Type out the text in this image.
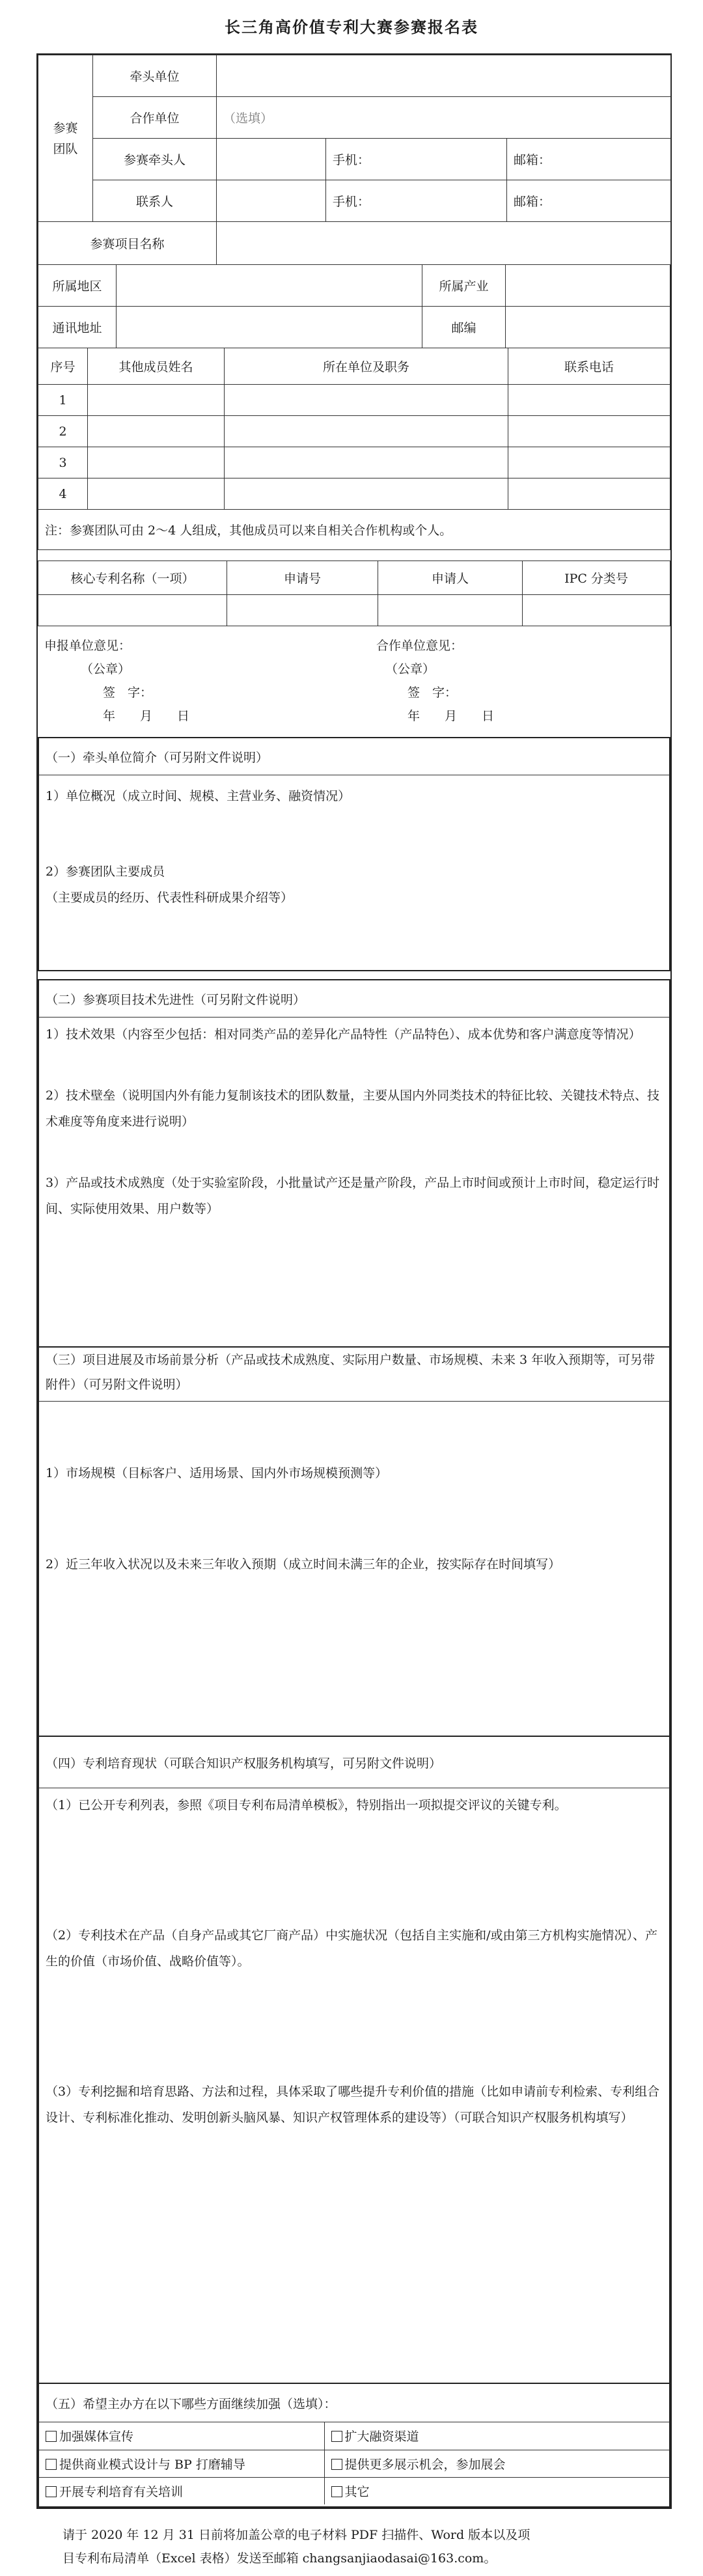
长三角高价值专利大赛参赛报名表
参赛团队	牵头单位			
	合作单位	（选填）		
	参赛牵头人		手机：	邮箱：
	联系人		手机：	邮箱：
参赛项目名称				
所属地区		所属产业	
通讯地址		邮编	
序号	其他成员姓名	所在单位及职务	联系电话
1			
2			
3			
4			
注：参赛团队可由 2～4 人组成，其他成员可以来自相关合作机构或个人。			
核心专利名称（一项）	申请号	申请人	IPC 分类号

申报单位意见：
（公章）
签　字：
年　　月　　日
合作单位意见：
（公章）
签　字：
年　　月　　日
（一）牵头单位简介（可另附文件说明）
1）单位概况（成立时间、规模、主营业务、融资情况）
2）参赛团队主要成员
（主要成员的经历、代表性科研成果介绍等）
（二）参赛项目技术先进性（可另附文件说明）
1）技术效果（内容至少包括：相对同类产品的差异化产品特性（产品特色）、成本优势和客户满意度等情况）
2）技术壁垒（说明国内外有能力复制该技术的团队数量，主要从国内外同类技术的特征比较、关键技术特点、技术难度等角度来进行说明）
3）产品或技术成熟度（处于实验室阶段，小批量试产还是量产阶段，产品上市时间或预计上市时间，稳定运行时间、实际使用效果、用户数等）
（三）项目进展及市场前景分析（产品或技术成熟度、实际用户数量、市场规模、未来 3 年收入预期等，可另带附件）（可另附文件说明）
1）市场规模（目标客户、适用场景、国内外市场规模预测等）
2）近三年收入状况以及未来三年收入预期（成立时间未满三年的企业，按实际存在时间填写）
（四）专利培育现状（可联合知识产权服务机构填写，可另附文件说明）
（1）已公开专利列表，参照《项目专利布局清单模板》，特别指出一项拟提交评议的关键专利。
（2）专利技术在产品（自身产品或其它厂商产品）中实施状况（包括自主实施和/或由第三方机构实施情况）、产生的价值（市场价值、战略价值等）。
（3）专利挖掘和培育思路、方法和过程，具体采取了哪些提升专利价值的措施（比如申请前专利检索、专利组合设计、专利标准化推动、发明创新头脑风暴、知识产权管理体系的建设等）（可联合知识产权服务机构填写）
（五）希望主办方在以下哪些方面继续加强（选填）：
加强媒体宣传	扩大融资渠道
提供商业模式设计与 BP 打磨辅导	提供更多展示机会，参加展会
开展专利培育有关培训	其它
请于 2020 年 12 月 31 日前将加盖公章的电子材料 PDF 扫描件、Word 版本以及项
目专利布局清单（Excel 表格）发送至邮箱 changsanjiaodasai@163.com。
